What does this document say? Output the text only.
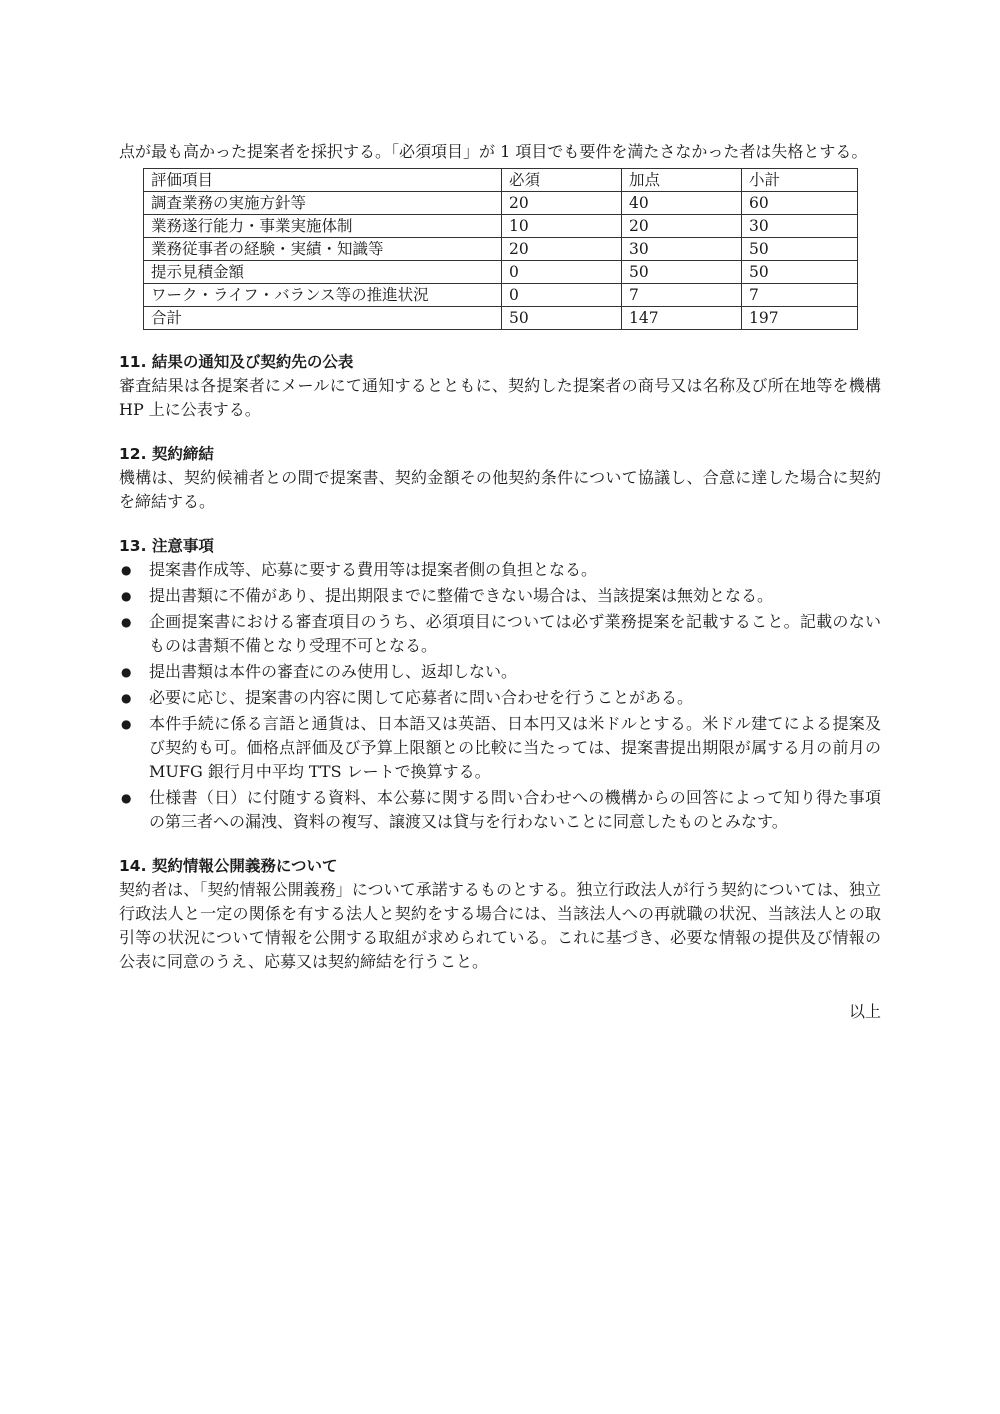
点が最も高かった提案者を採択する。「必須項目」が 1 項目でも要件を満たさなかった者は失格とする。

評価項目	必須	加点	小計
調査業務の実施方針等	20	40	60
業務遂行能力・事業実施体制	10	20	30
業務従事者の経験・実績・知識等	20	30	50
提示見積金額	0	50	50
ワーク・ライフ・バランス等の推進状況	0	7	7
合計	50	147	197

11. 結果の通知及び契約先の公表

審査結果は各提案者にメールにて通知するとともに、契約した提案者の商号又は名称及び所在地等を機構 HP 上に公表する。

12. 契約締結

機構は、契約候補者との間で提案書、契約金額その他契約条件について協議し、合意に達した場合に契約を締結する。

13. 注意事項

● 提案書作成等、応募に要する費用等は提案者側の負担となる。
● 提出書類に不備があり、提出期限までに整備できない場合は、当該提案は無効となる。
● 企画提案書における審査項目のうち、必須項目については必ず業務提案を記載すること。記載のないものは書類不備となり受理不可となる。
● 提出書類は本件の審査にのみ使用し、返却しない。
● 必要に応じ、提案書の内容に関して応募者に問い合わせを行うことがある。
● 本件手続に係る言語と通貨は、日本語又は英語、日本円又は米ドルとする。米ドル建てによる提案及び契約も可。価格点評価及び予算上限額との比較に当たっては、提案書提出期限が属する月の前月の MUFG 銀行月中平均 TTS レートで換算する。
● 仕様書（日）に付随する資料、本公募に関する問い合わせへの機構からの回答によって知り得た事項の第三者への漏洩、資料の複写、譲渡又は貸与を行わないことに同意したものとみなす。

14. 契約情報公開義務について

契約者は、「契約情報公開義務」について承諾するものとする。独立行政法人が行う契約については、独立行政法人と一定の関係を有する法人と契約をする場合には、当該法人への再就職の状況、当該法人との取引等の状況について情報を公開する取組が求められている。これに基づき、必要な情報の提供及び情報の公表に同意のうえ、応募又は契約締結を行うこと。

以上
